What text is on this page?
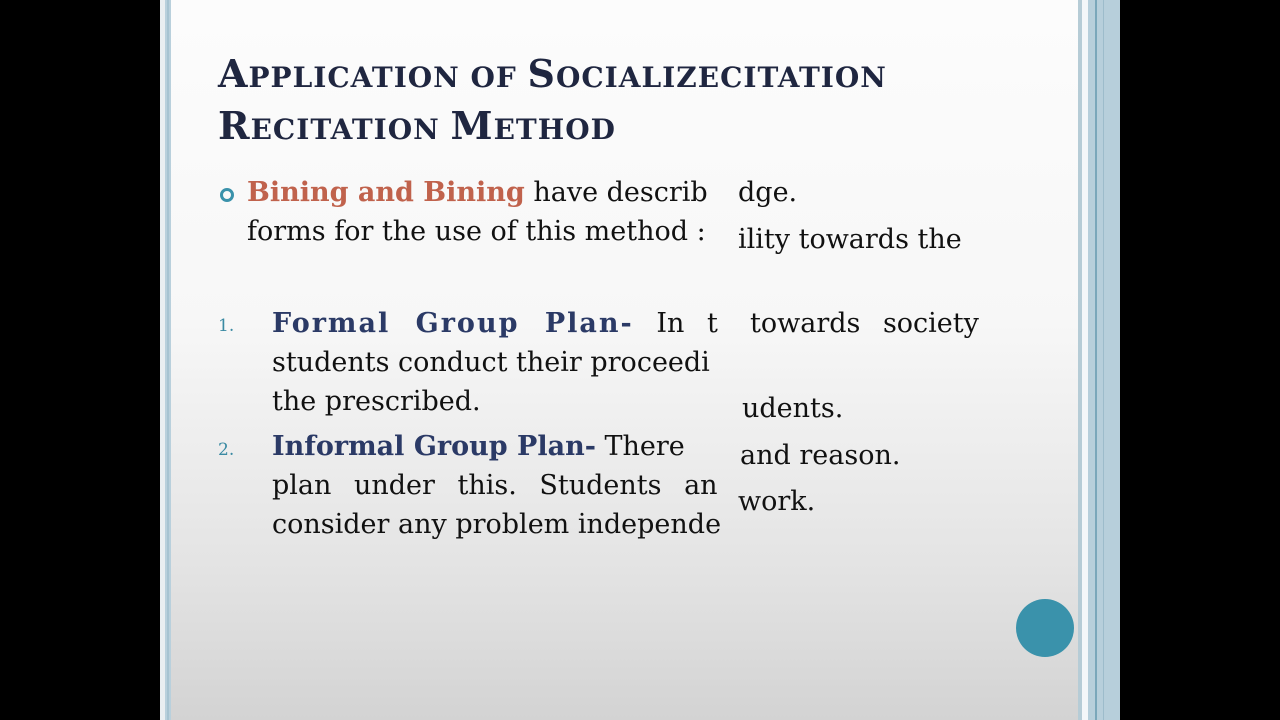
APPLICATION OF SOCIALIZECITATION
RECITATION METHOD
Bining and Bining have describ
forms for the use of this method :
1. Formal Group Plan- In t
students conduct their proceedi
the prescribed.
2. Informal Group Plan- There
plan under this. Students an
consider any problem independe
dge.
ility towards the
towards society
udents.
and reason.
work.
